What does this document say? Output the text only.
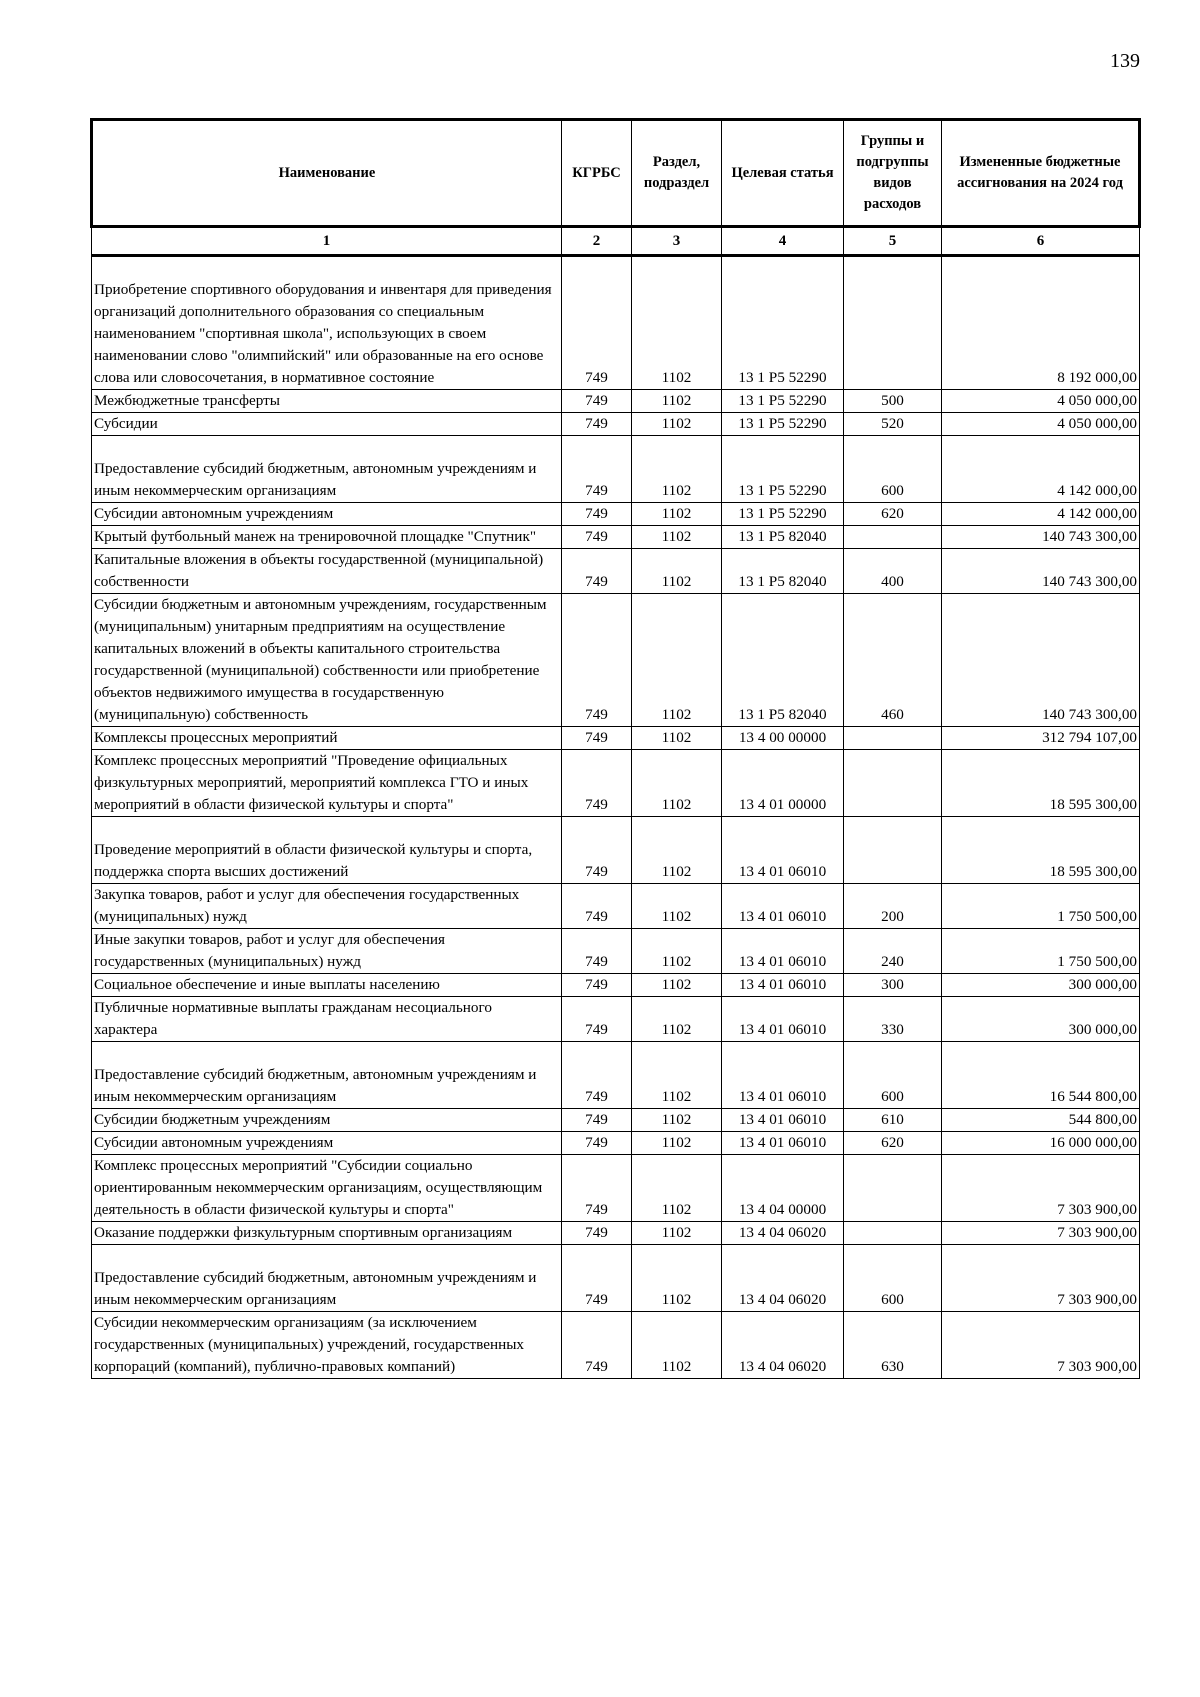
139
Наименование	КГРБС	Раздел, подраздел	Целевая статья	Группы и подгруппы видов расходов	Измененные бюджетные ассигнования на 2024 год
1	2	3	4	5	6
Приобретение спортивного оборудования и инвентаря для приведения организаций дополнительного образования со специальным наименованием "спортивная школа", использующих в своем наименовании слово "олимпийский" или образованные на его основе слова или словосочетания, в нормативное состояние	749	1102	13 1 Р5 52290		8 192 000,00
Межбюджетные трансферты	749	1102	13 1 Р5 52290	500	4 050 000,00
Субсидии	749	1102	13 1 Р5 52290	520	4 050 000,00
Предоставление субсидий бюджетным, автономным учреждениям и иным некоммерческим организациям	749	1102	13 1 Р5 52290	600	4 142 000,00
Субсидии автономным учреждениям	749	1102	13 1 Р5 52290	620	4 142 000,00
Крытый футбольный манеж на тренировочной площадке "Спутник"	749	1102	13 1 Р5 82040		140 743 300,00
Капитальные вложения в объекты государственной (муниципальной) собственности	749	1102	13 1 Р5 82040	400	140 743 300,00
Субсидии бюджетным и автономным учреждениям, государственным (муниципальным) унитарным предприятиям на осуществление капитальных вложений в объекты капитального строительства государственной (муниципальной) собственности или приобретение объектов недвижимого имущества в государственную (муниципальную) собственность	749	1102	13 1 Р5 82040	460	140 743 300,00
Комплексы процессных мероприятий	749	1102	13 4 00 00000		312 794 107,00
Комплекс процессных мероприятий "Проведение официальных физкультурных мероприятий, мероприятий комплекса ГТО и иных мероприятий в области физической культуры и спорта"	749	1102	13 4 01 00000		18 595 300,00
Проведение мероприятий в области физической культуры и спорта, поддержка спорта высших достижений	749	1102	13 4 01 06010		18 595 300,00
Закупка товаров, работ и услуг для обеспечения государственных (муниципальных) нужд	749	1102	13 4 01 06010	200	1 750 500,00
Иные закупки товаров, работ и услуг для обеспечения государственных (муниципальных) нужд	749	1102	13 4 01 06010	240	1 750 500,00
Социальное обеспечение и иные выплаты населению	749	1102	13 4 01 06010	300	300 000,00
Публичные нормативные выплаты гражданам несоциального характера	749	1102	13 4 01 06010	330	300 000,00
Предоставление субсидий бюджетным, автономным учреждениям и иным некоммерческим организациям	749	1102	13 4 01 06010	600	16 544 800,00
Субсидии бюджетным учреждениям	749	1102	13 4 01 06010	610	544 800,00
Субсидии автономным учреждениям	749	1102	13 4 01 06010	620	16 000 000,00
Комплекс процессных мероприятий "Субсидии социально ориентированным некоммерческим организациям, осуществляющим деятельность в области физической культуры и спорта"	749	1102	13 4 04 00000		7 303 900,00
Оказание поддержки физкультурным спортивным организациям	749	1102	13 4 04 06020		7 303 900,00
Предоставление субсидий бюджетным, автономным учреждениям и иным некоммерческим организациям	749	1102	13 4 04 06020	600	7 303 900,00
Субсидии некоммерческим организациям (за исключением государственных (муниципальных) учреждений, государственных корпораций (компаний), публично-правовых компаний)	749	1102	13 4 04 06020	630	7 303 900,00
